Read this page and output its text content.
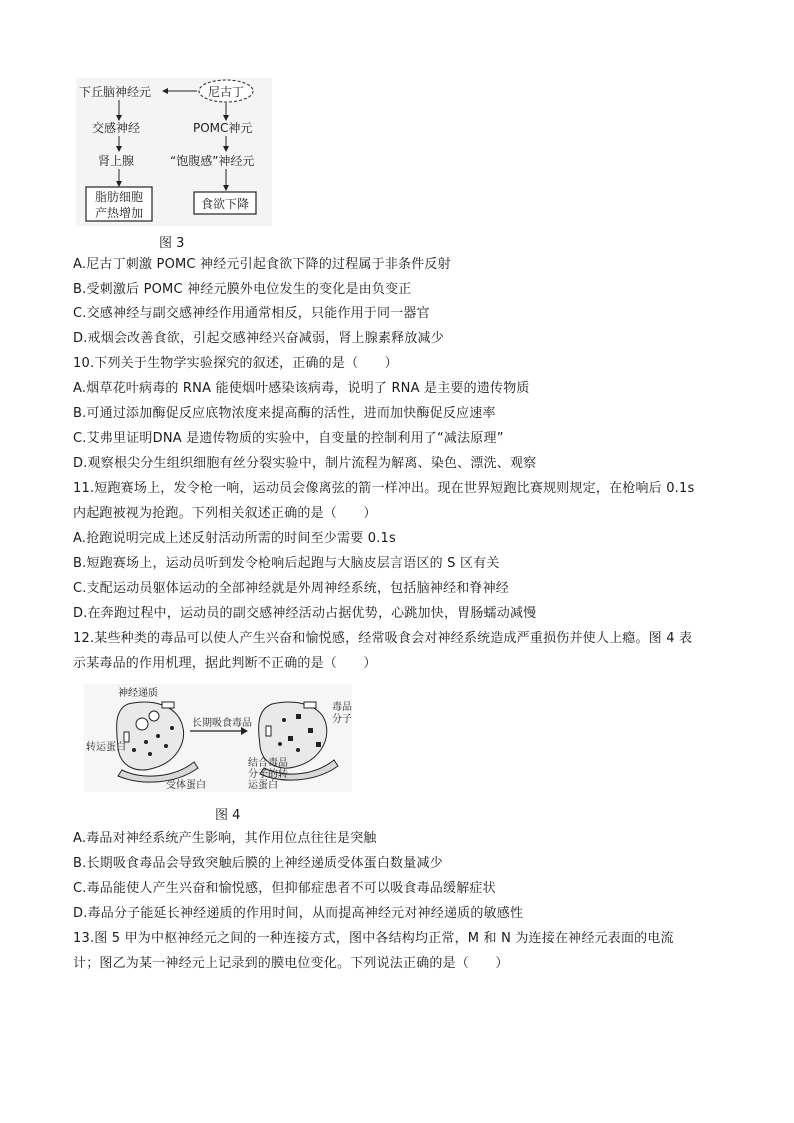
下丘脑神经元	尼古丁
交感神经	POMC神元
肾上腺	“饱腹感”神经元
脂肪细胞
产热增加
食欲下降
图 3
A.尼古丁刺激 POMC 神经元引起食欲下降的过程属于非条件反射
B.受刺激后 POMC 神经元膜外电位发生的变化是由负变正
C.交感神经与副交感神经作用通常相反，只能作用于同一器官
D.戒烟会改善食欲，引起交感神经兴奋减弱，肾上腺素释放减少
10.下列关于生物学实验探究的叙述，正确的是（　　）
A.烟草花叶病毒的 RNA 能使烟叶感染该病毒，说明了 RNA 是主要的遗传物质
B.可通过添加酶促反应底物浓度来提高酶的活性，进而加快酶促反应速率
C.艾弗里证明DNA 是遗传物质的实验中，自变量的控制利用了“减法原理”
D.观察根尖分生组织细胞有丝分裂实验中，制片流程为解离、染色、漂洗、观察
11.短跑赛场上，发令枪一响，运动员会像离弦的箭一样冲出。现在世界短跑比赛规则规定，在枪响后 0.1s
内起跑被视为抢跑。下列相关叙述正确的是（　　）
A.抢跑说明完成上述反射活动所需的时间至少需要 0.1s
B.短跑赛场上，运动员听到发令枪响后起跑与大脑皮层言语区的 S 区有关
C.支配运动员躯体运动的全部神经就是外周神经系统，包括脑神经和脊神经
D.在奔跑过程中，运动员的副交感神经活动占据优势，心跳加快，胃肠蠕动减慢
12.某些种类的毒品可以使人产生兴奋和愉悦感，经常吸食会对神经系统造成严重损伤并使人上瘾。图 4 表
示某毒品的作用机理，据此判断不正确的是（　　）
神经递质
转运蛋白
受体蛋白
长期吸食毒品
毒品
分子
结合毒品
分子的转
运蛋白
图 4
A.毒品对神经系统产生影响，其作用位点往往是突触
B.长期吸食毒品会导致突触后膜的上神经递质受体蛋白数量减少
C.毒品能使人产生兴奋和愉悦感，但抑郁症患者不可以吸食毒品缓解症状
D.毒品分子能延长神经递质的作用时间，从而提高神经元对神经递质的敏感性
13.图 5 甲为中枢神经元之间的一种连接方式，图中各结构均正常，M 和 N 为连接在神经元表面的电流
计；图乙为某一神经元上记录到的膜电位变化。下列说法正确的是（　　）
